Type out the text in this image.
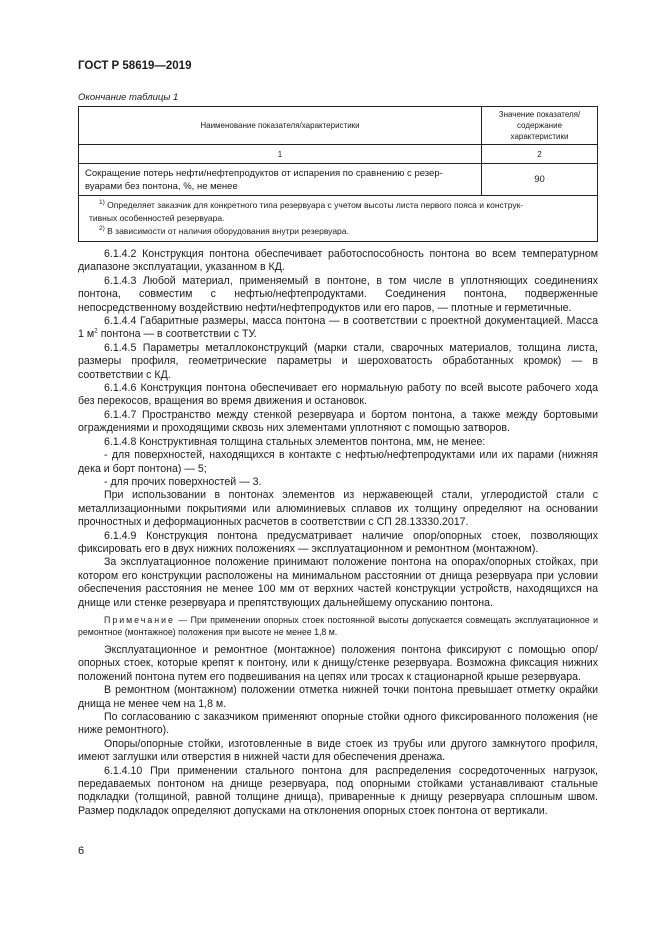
ГОСТ Р 58619—2019
Окончание таблицы 1
Наименование показателя/характеристики	Значение показателя/
содержание характеристики

1	2

Сокращение потерь нефти/нефтепродуктов от испарения по сравнению с резер-
вуарами без понтона, %, не менее	90

$^{1)}$ Определяет заказчик для конкретного типа резервуара с учетом высоты листа первого пояса и конструк-
тивных особенностей резервуара.
$^{2)}$ В зависимости от наличия оборудования внутри резервуара.	

6.1.4.2 Конструкция понтона обеспечивает работоспособность понтона во всем температурном диапазоне эксплуатации, указанном в КД.

6.1.4.3 Любой материал, применяемый в понтоне, в том числе в уплотняющих соединениях понтона, совместим с нефтью/нефтепродуктами. Соединения понтона, подверженные непосредственному воздействию нефти/нефтепродуктов или его паров, — плотные и герметичные.

6.1.4.4 Габаритные размеры, масса понтона — в соответствии с проектной документацией. Масса 1 $м^2$ понтона — в соответствии с ТУ.

6.1.4.5 Параметры металлоконструкций (марки стали, сварочных материалов, толщина листа, размеры профиля, геометрические параметры и шероховатость обработанных кромок) — в соответствии с КД.

6.1.4.6 Конструкция понтона обеспечивает его нормальную работу по всей высоте рабочего хода без перекосов, вращения во время движения и остановок.

6.1.4.7 Пространство между стенкой резервуара и бортом понтона, а также между бортовыми ограждениями и проходящими сквозь них элементами уплотняют с помощью затворов.

6.1.4.8 Конструктивная толщина стальных элементов понтона, мм, не менее:

- для поверхностей, находящихся в контакте с нефтью/нефтепродуктами или их парами (нижняя дека и борт понтона) — 5;

- для прочих поверхностей — 3.

При использовании в понтонах элементов из нержавеющей стали, углеродистой стали с металлизационными покрытиями или алюминиевых сплавов их толщину определяют на основании прочностных и деформационных расчетов в соответствии с СП 28.13330.2017.

6.1.4.9 Конструкция понтона предусматривает наличие опор/опорных стоек, позволяющих фиксировать его в двух нижних положениях — эксплуатационном и ремонтном (монтажном).

За эксплуатационное положение принимают положение понтона на опорах/опорных стойках, при котором его конструкции расположены на минимальном расстоянии от днища резервуара при условии обеспечения расстояния не менее 100 мм от верхних частей конструкции устройств, находящихся на днище или стенке резервуара и препятствующих дальнейшему опусканию понтона.

Примечание — При применении опорных стоек постоянной высоты допускается совмещать эксплуатационное и ремонтное (монтажное) положения при высоте не менее 1,8 м.

Эксплуатационное и ремонтное (монтажное) положения понтона фиксируют с помощью опор/опорных стоек, которые крепят к понтону, или к днищу/стенке резервуара. Возможна фиксация нижних положений понтона путем его подвешивания на цепях или тросах к стационарной крыше резервуара.

В ремонтном (монтажном) положении отметка нижней точки понтона превышает отметку окрайки днища не менее чем на 1,8 м.

По согласованию с заказчиком применяют опорные стойки одного фиксированного положения (не ниже ремонтного).

Опоры/опорные стойки, изготовленные в виде стоек из трубы или другого замкнутого профиля, имеют заглушки или отверстия в нижней части для обеспечения дренажа.

6.1.4.10 При применении стального понтона для распределения сосредоточенных нагрузок, передаваемых понтоном на днище резервуара, под опорными стойками устанавливают стальные подкладки (толщиной, равной толщине днища), приваренные к днищу резервуара сплошным швом. Размер подкладок определяют допусками на отклонения опорных стоек понтона от вертикали.

6
